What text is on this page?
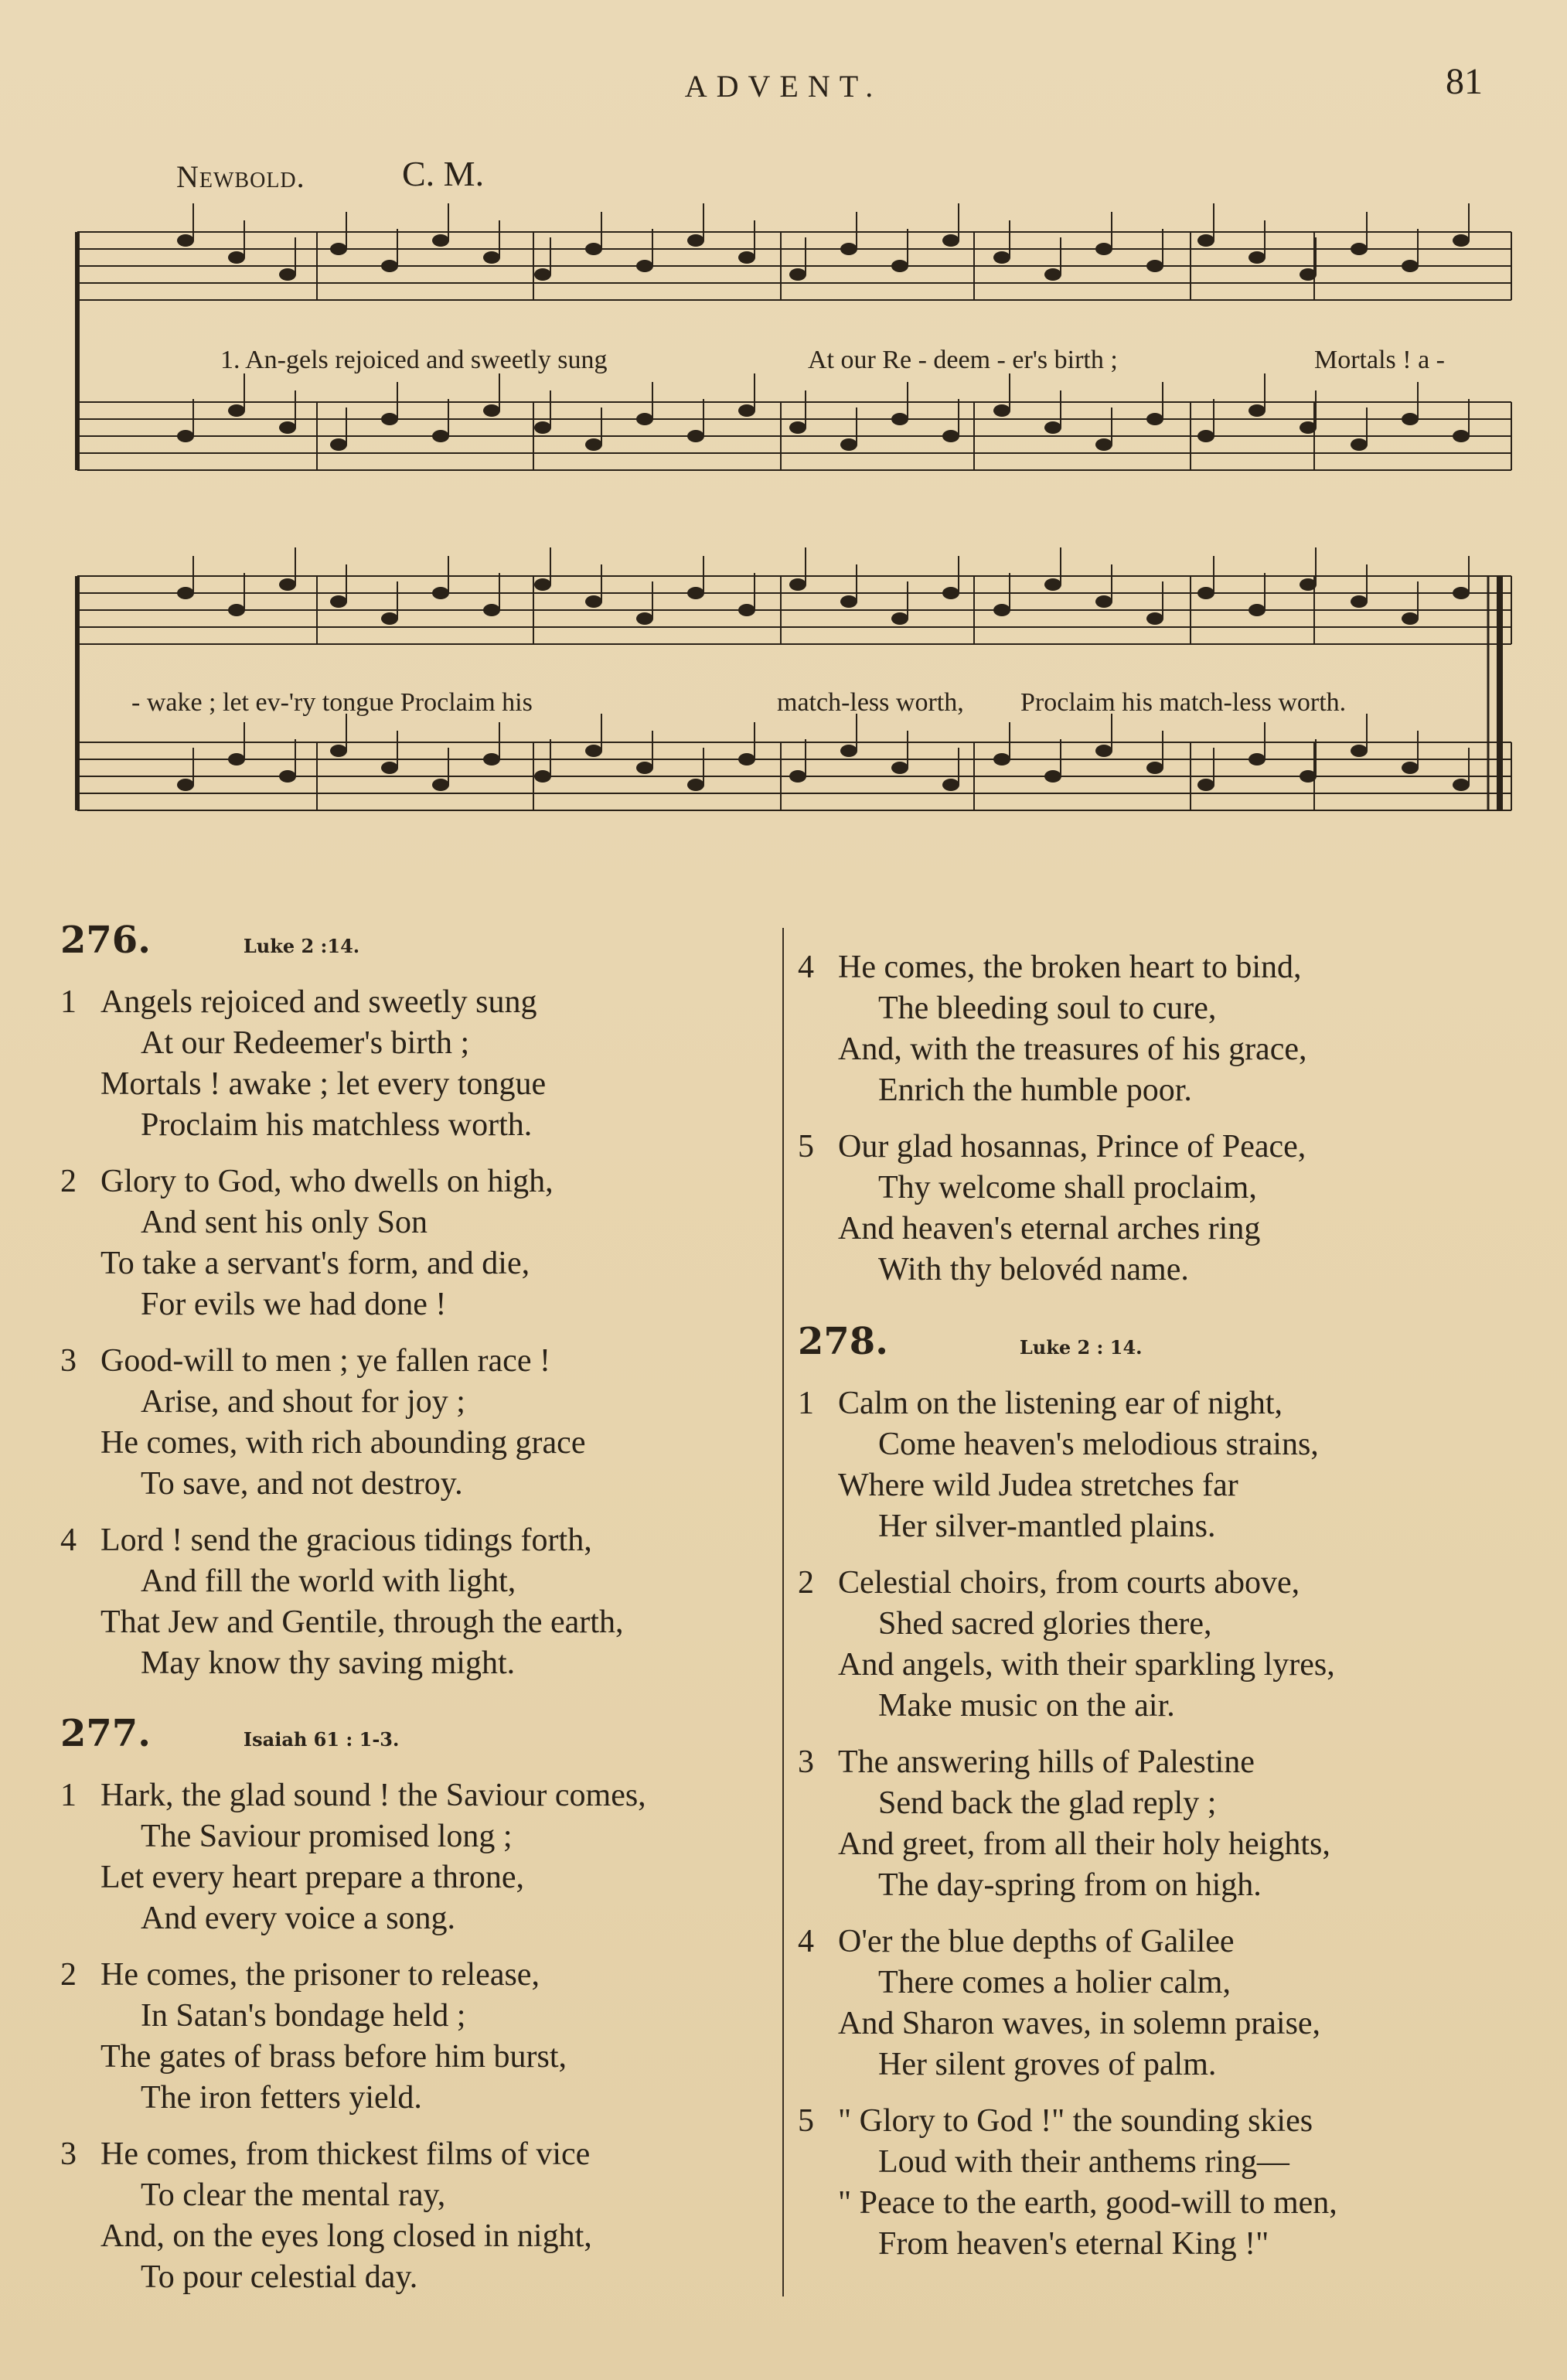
ADVENT.	81
Newbold.	C. M.
1. An-gels rejoiced and sweetly sung	At our Re - deem - er's birth ;	Mortals ! a -
- wake ; let ev-'ry tongue Proclaim his	match-less worth, Proclaim his match-less worth.
276.	Luke 2 :14.
1 Angels rejoiced and sweetly sung
At our Redeemer's birth ;
Mortals ! awake ; let every tongue
Proclaim his matchless worth.
2 Glory to God, who dwells on high,
And sent his only Son
To take a servant's form, and die,
For evils we had done !
3 Good-will to men ; ye fallen race !
Arise, and shout for joy ;
He comes, with rich abounding grace
To save, and not destroy.
4 Lord ! send the gracious tidings forth,
And fill the world with light,
That Jew and Gentile, through the earth,
May know thy saving might.
277.	Isaiah 61 : 1-3.
1 Hark, the glad sound ! the Saviour comes,
The Saviour promised long ;
Let every heart prepare a throne,
And every voice a song.
2 He comes, the prisoner to release,
In Satan's bondage held ;
The gates of brass before him burst,
The iron fetters yield.
3 He comes, from thickest films of vice
To clear the mental ray,
And, on the eyes long closed in night,
To pour celestial day.
4 He comes, the broken heart to bind,
The bleeding soul to cure,
And, with the treasures of his grace,
Enrich the humble poor.
5 Our glad hosannas, Prince of Peace,
Thy welcome shall proclaim,
And heaven's eternal arches ring
With thy belovéd name.
278.	Luke 2 : 14.
1 Calm on the listening ear of night,
Come heaven's melodious strains,
Where wild Judea stretches far
Her silver-mantled plains.
2 Celestial choirs, from courts above,
Shed sacred glories there,
And angels, with their sparkling lyres,
Make music on the air.
3 The answering hills of Palestine
Send back the glad reply ;
And greet, from all their holy heights,
The day-spring from on high.
4 O'er the blue depths of Galilee
There comes a holier calm,
And Sharon waves, in solemn praise,
Her silent groves of palm.
5 " Glory to God !" the sounding skies
Loud with their anthems ring—
" Peace to the earth, good-will to men,
From heaven's eternal King !"
